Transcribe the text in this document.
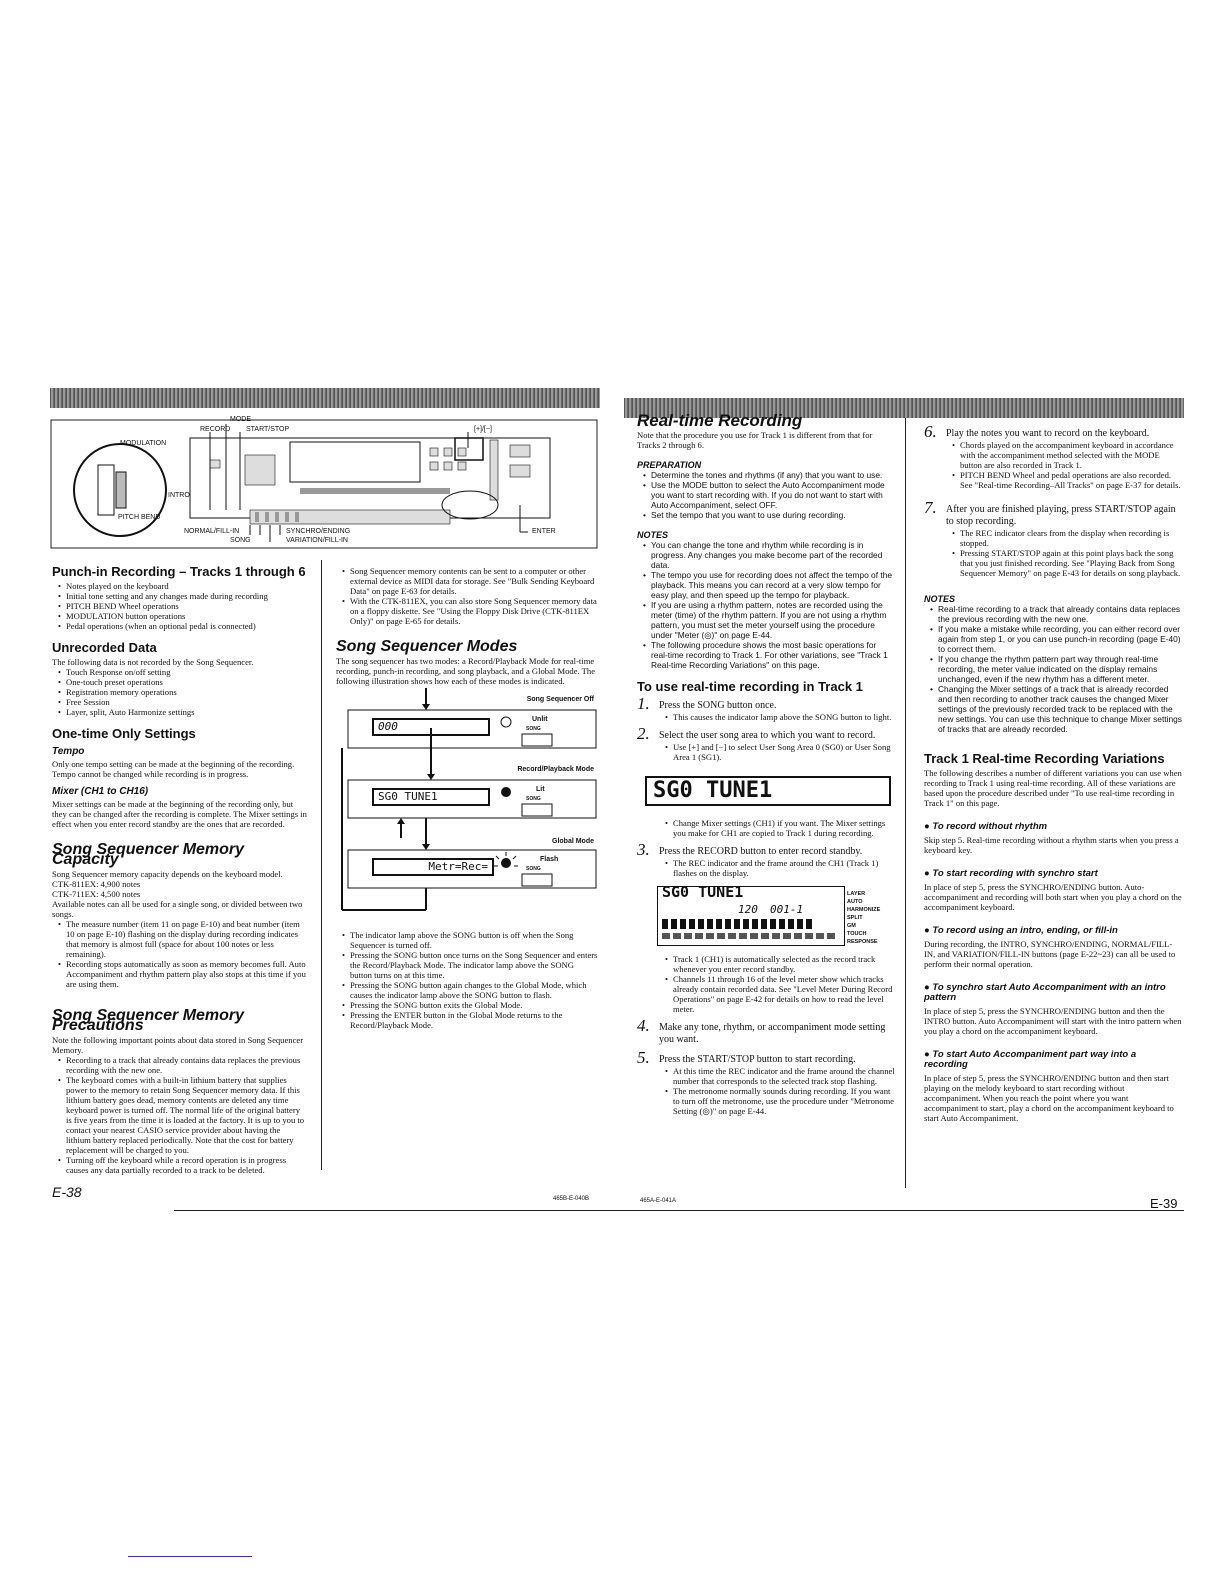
RECORD
MODE
START/STOP	[+]/[−]
MODULATION
INTRO
PITCH BEND
NORMAL/FILL-IN	SYNCHRO/ENDING
SONG	VARIATION/FILL-IN
ENTER
Punch-in Recording – Tracks 1 through 6
• Notes played on the keyboard
• Initial tone setting and any changes made during recording
• PITCH BEND Wheel operations
• MODULATION button operations
• Pedal operations (when an optional pedal is connected)
Unrecorded Data

The following data is not recorded by the Song Sequencer.

• Touch Response on/off setting
• One-touch preset operations
• Registration memory operations
• Free Session
• Layer, split, Auto Harmonize settings
One-time Only Settings
Tempo

Only one tempo setting can be made at the beginning of the recording. Tempo cannot be changed while recording is in progress.

Mixer (CH1 to CH16)

Mixer settings can be made at the beginning of the recording only, but they can be changed after the recording is complete. The Mixer settings in effect when you enter record standby are the ones that are recorded.

Song Sequencer Memory Capacity

Song Sequencer memory capacity depends on the keyboard model.

CTK-811EX: 4,900 notes

CTK-711EX: 4,500 notes

Available notes can all be used for a single song, or divided between two songs.

• The measure number (item 11 on page E-10) and beat number (item 10 on page E-10) flashing on the display during recording indicates that memory is almost full (space for about 100 notes or less remaining).
• Recording stops automatically as soon as memory becomes full. Auto Accompaniment and rhythm pattern play also stops at this time if you are using them.
Song Sequencer Memory Precautions

Note the following important points about data stored in Song Sequencer Memory.

• Recording to a track that already contains data replaces the previous recording with the new one.
• The keyboard comes with a built-in lithium battery that supplies power to the memory to retain Song Sequencer memory data. If this lithium battery goes dead, memory contents are deleted any time keyboard power is turned off. The normal life of the original battery is five years from the time it is loaded at the factory. It is up to you to contact your nearest CASIO service provider about having the lithium battery replaced periodically. Note that the cost for battery replacement will be charged to you.
• Turning off the keyboard while a record operation is in progress causes any data partially recorded to a track to be deleted.
• Song Sequencer memory contents can be sent to a computer or other external device as MIDI data for storage. See "Bulk Sending Keyboard Data" on page E-63 for details.
• With the CTK-811EX, you can also store Song Sequencer memory data on a floppy diskette. See "Using the Floppy Disk Drive (CTK-811EX Only)" on page E-65 for details.
Song Sequencer Modes

The song sequencer has two modes: a Record/Playback Mode for real-time recording, punch-in recording, and song playback, and a Global Mode. The following illustration shows how each of these modes is indicated.

Song Sequencer Off
000
Unlit
SONG
Record/Playback Mode
SG0 TUNE1
Lit
SONG
Global Mode
Metr=Rec=
Flash
SONG
• The indicator lamp above the SONG button is off when the Song Sequencer is turned off.
• Pressing the SONG button once turns on the Song Sequencer and enters the Record/Playback Mode. The indicator lamp above the SONG button turns on at this time.
• Pressing the SONG button again changes to the Global Mode, which causes the indicator lamp above the SONG button to flash.
• Pressing the SONG button exits the Global Mode.
• Pressing the ENTER button in the Global Mode returns to the Record/Playback Mode.
E-38	465B-E-040B
Real-time Recording

Note that the procedure you use for Track 1 is different from that for Tracks 2 through 6.

PREPARATION
• Determine the tones and rhythms (if any) that you want to use.
• Use the MODE button to select the Auto Accompaniment mode you want to start recording with. If you do not want to start with Auto Accompaniment, select OFF.
• Set the tempo that you want to use during recording.
NOTES
• You can change the tone and rhythm while recording is in progress. Any changes you make become part of the recorded data.
• The tempo you use for recording does not affect the tempo of the playback. This means you can record at a very slow tempo for easy play, and then speed up the tempo for playback.
• If you are using a rhythm pattern, notes are recorded using the meter (time) of the rhythm pattern. If you are not using a rhythm pattern, you must set the meter yourself using the procedure under "Meter (◎)" on page E-44.
• The following procedure shows the most basic operations for real-time recording to Track 1. For other variations, see "Track 1 Real-time Recording Variations" on this page.
To use real-time recording in Track 1
1. Press the SONG button once.
• This causes the indicator lamp above the SONG button to light.
2. Select the user song area to which you want to record.
• Use [+] and [−] to select User Song Area 0 (SG0) or User Song Area 1 (SG1).
SG0 TUNE1
• Change Mixer settings (CH1) if you want. The Mixer settings you make for CH1 are copied to Track 1 during recording.
3. Press the RECORD button to enter record standby.
• The REC indicator and the frame around the CH1 (Track 1) flashes on the display.
SG0 TUNE1
120 001-1
LAYER
AUTO HARMONIZE
SPLIT
GM
TOUCH RESPONSE
• Track 1 (CH1) is automatically selected as the record track whenever you enter record standby.
• Channels 11 through 16 of the level meter show which tracks already contain recorded data. See "Level Meter During Record Operations" on page E-42 for details on how to read the level meter.
4. Make any tone, rhythm, or accompaniment mode setting you want.
5. Press the START/STOP button to start recording.
• At this time the REC indicator and the frame around the channel number that corresponds to the selected track stop flashing.
• The metronome normally sounds during recording. If you want to turn off the metronome, use the procedure under "Metronome Setting (◎)" on page E-44.
6. Play the notes you want to record on the keyboard.
• Chords played on the accompaniment keyboard in accordance with the accompaniment method selected with the MODE button are also recorded in Track 1.
• PITCH BEND Wheel and pedal operations are also recorded. See "Real-time Recording–All Tracks" on page E-37 for details.
7. After you are finished playing, press START/STOP again to stop recording.
• The REC indicator clears from the display when recording is stopped.
• Pressing START/STOP again at this point plays back the song that you just finished recording. See "Playing Back from Song Sequencer Memory" on page E-43 for details on song playback.
NOTES
• Real-time recording to a track that already contains data replaces the previous recording with the new one.
• If you make a mistake while recording, you can either record over again from step 1, or you can use punch-in recording (page E-40) to correct them.
• If you change the rhythm pattern part way through real-time recording, the meter value indicated on the display remains unchanged, even if the new rhythm has a different meter.
• Changing the Mixer settings of a track that is already recorded and then recording to another track causes the changed Mixer settings of the previously recorded track to be replaced with the new settings. You can use this technique to change Mixer settings of tracks that are already recorded.
Track 1 Real-time Recording Variations

The following describes a number of different variations you can use when recording to Track 1 using real-time recording. All of these variations are based upon the procedure described under "To use real-time recording in Track 1" on this page.

● To record without rhythm

Skip step 5. Real-time recording without a rhythm starts when you press a keyboard key.

● To start recording with synchro start

In place of step 5, press the SYNCHRO/ENDING button. Auto-accompaniment and recording will both start when you play a chord on the accompaniment keyboard.

● To record using an intro, ending, or fill-in

During recording, the INTRO, SYNCHRO/ENDING, NORMAL/FILL-IN, and VARIATION/FILL-IN buttons (page E-22~23) can all be used to perform their normal operation.

● To synchro start Auto Accompaniment with an intro pattern

In place of step 5, press the SYNCHRO/ENDING button and then the INTRO button. Auto Accompaniment will start with the intro pattern when you play a chord on the accompaniment keyboard.

● To start Auto Accompaniment part way into a recording

In place of step 5, press the SYNCHRO/ENDING button and then start playing on the melody keyboard to start recording without accompaniment. When you reach the point where you want accompaniment to start, play a chord on the accompaniment keyboard to start Auto Accompaniment.

465A-E-041A	E-39
